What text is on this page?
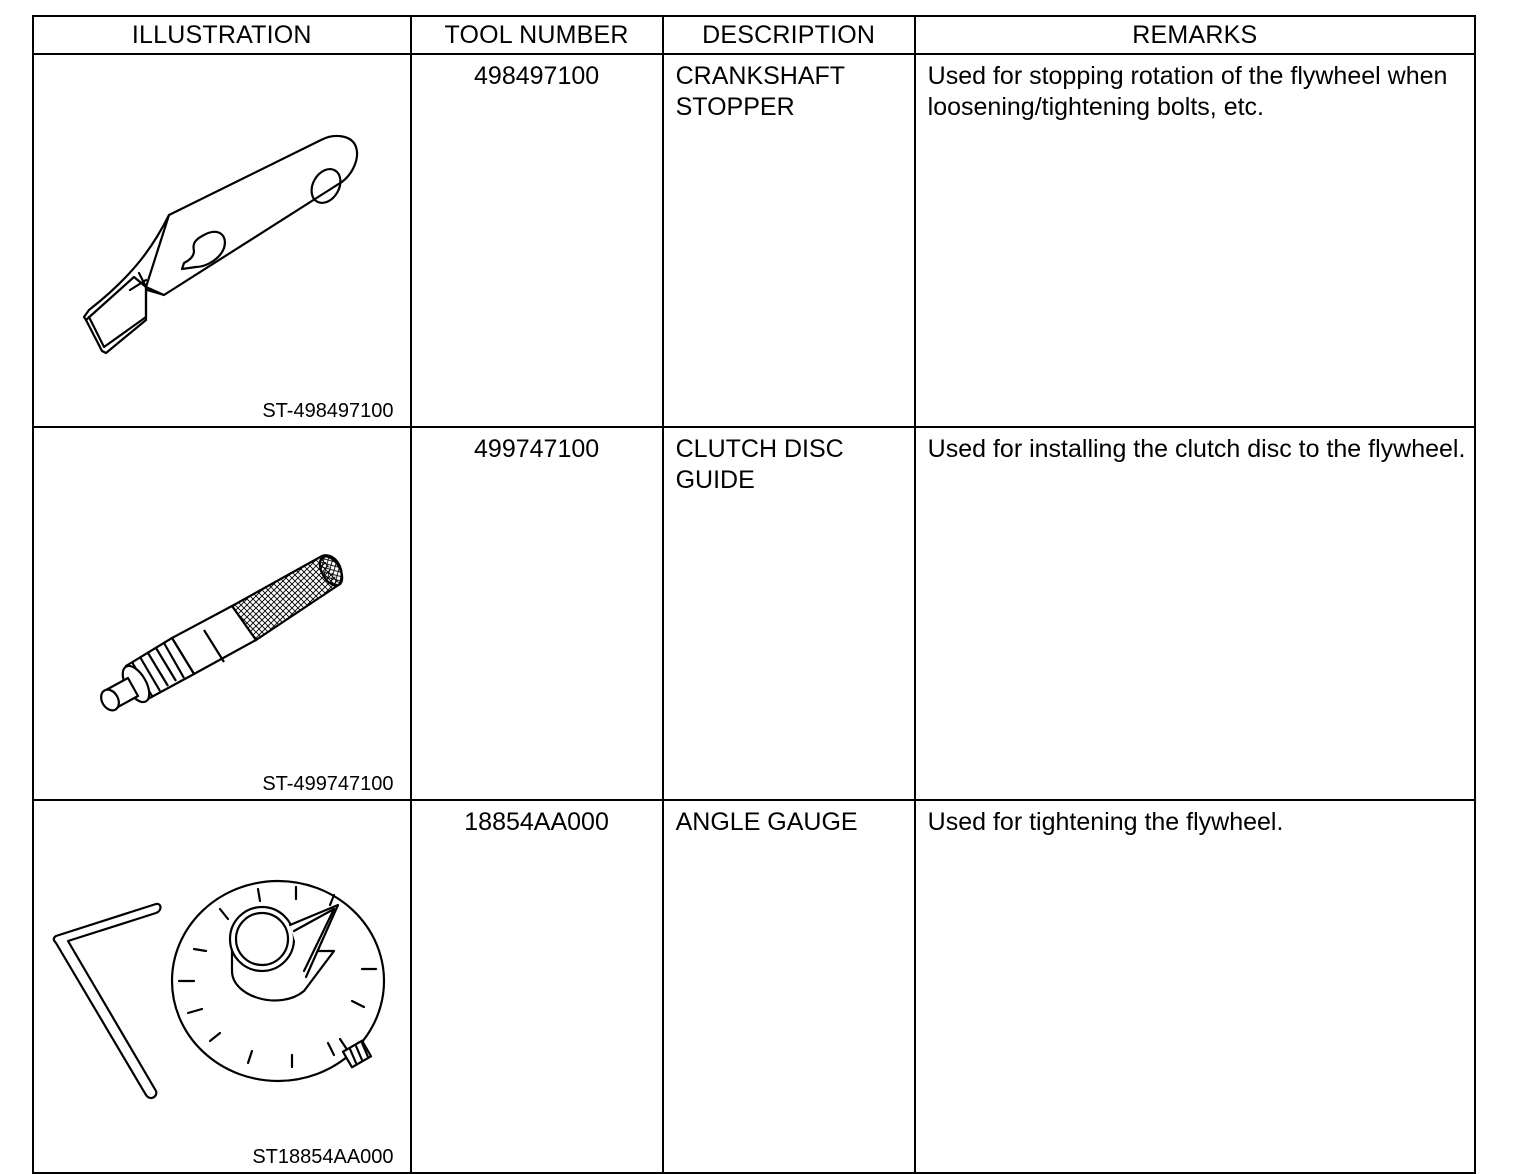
ILLUSTRATION	TOOL NUMBER	DESCRIPTION	REMARKS

ST-498497100	498497100	CRANKSHAFT STOPPER	Used for stopping rotation of the flywheel when loosening/tightening bolts, etc.

ST-499747100	499747100	CLUTCH DISC GUIDE	Used for installing the clutch disc to the flywheel.

ST18854AA000	18854AA000	ANGLE GAUGE	Used for tightening the flywheel.
